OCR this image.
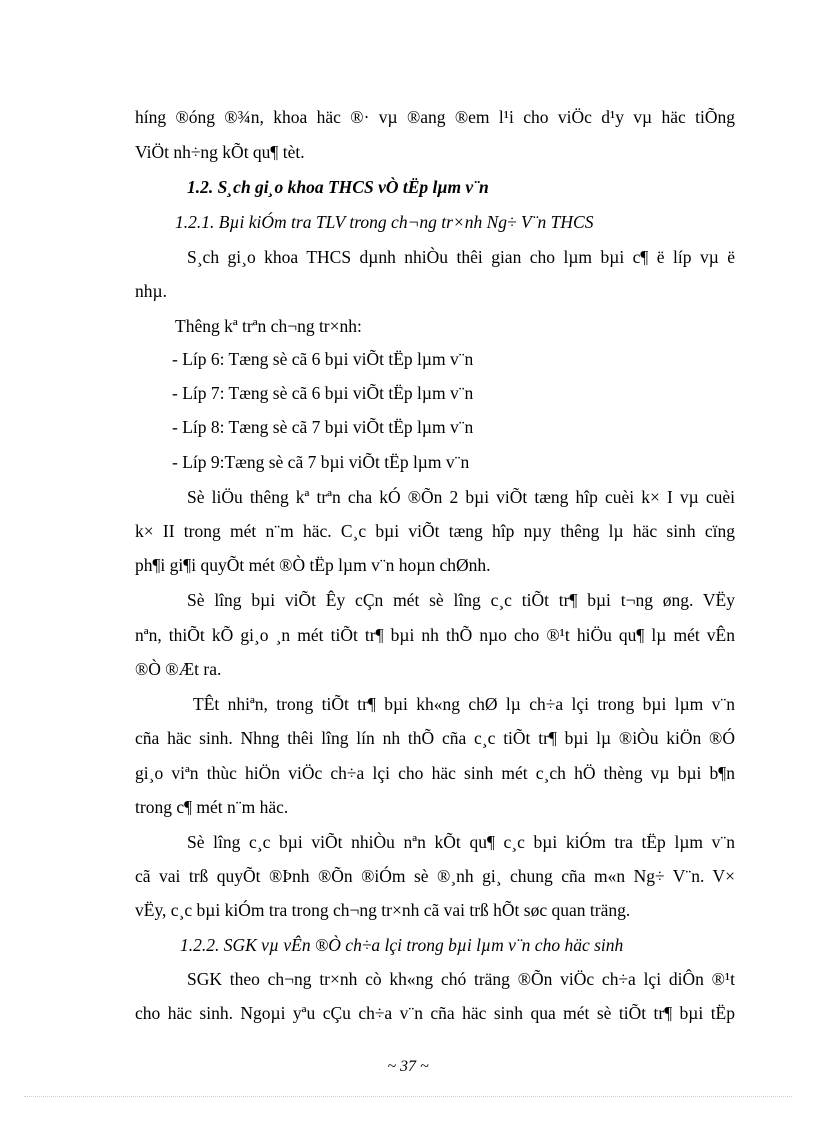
híng ®óng ®¾n, khoa häc ®· vµ ®ang ®em l¹i cho viÖc d¹y vµ häc tiÕng
ViÖt nh÷ng kÕt qu¶ tèt.
1.2. S¸ch gi¸o khoa THCS vÒ tËp lµm v¨n
1.2.1. Bµi kiÓm tra TLV trong ch¬ng tr×nh Ng÷ V¨n THCS
S¸ch gi¸o khoa THCS dµnh nhiÒu thêi gian cho lµm bµi c¶ ë líp vµ ë
nhµ.
Thêng kª trªn ch¬ng tr×nh:
- Líp 6: Tæng sè cã 6 bµi viÕt tËp lµm v¨n
- Líp 7: Tæng sè cã 6 bµi viÕt tËp lµm v¨n
- Líp 8: Tæng sè cã 7 bµi viÕt tËp lµm v¨n
- Líp 9:Tæng sè cã 7 bµi viÕt tËp lµm v¨n
Sè liÖu thêng kª trªn cha kÓ ®Õn 2 bµi viÕt tæng hîp cuèi k× I vµ cuèi
k× II trong mét n¨m häc. C¸c bµi viÕt tæng hîp nµy thêng lµ häc sinh cïng
ph¶i gi¶i quyÕt mét ®Ò tËp lµm v¨n hoµn chØnh.
Sè lîng bµi viÕt Êy cÇn mét sè lîng c¸c tiÕt tr¶ bµi t¬ng øng. VËy
nªn, thiÕt kÕ gi¸o ¸n mét tiÕt tr¶ bµi nh thÕ nµo cho ®¹t hiÖu qu¶ lµ mét vÊn
®Ò ®Æt ra.
TÊt nhiªn, trong tiÕt tr¶ bµi kh«ng chØ lµ ch÷a lçi trong bµi lµm v¨n
cña häc sinh. Nhng thêi lîng lín nh thÕ cña c¸c tiÕt tr¶ bµi lµ ®iÒu kiÖn ®Ó
gi¸o viªn thùc hiÖn viÖc ch÷a lçi cho häc sinh mét c¸ch hÖ thèng vµ bµi b¶n
trong c¶ mét n¨m häc.
Sè lîng c¸c bµi viÕt nhiÒu nªn kÕt qu¶ c¸c bµi kiÓm tra tËp lµm v¨n
cã vai trß quyÕt ®Þnh ®Õn ®iÓm sè ®¸nh gi¸ chung cña m«n Ng÷ V¨n. V×
vËy, c¸c bµi kiÓm tra trong ch¬ng tr×nh cã vai trß hÕt søc quan träng.
1.2.2. SGK vµ vÊn ®Ò ch÷a lçi trong bµi lµm v¨n cho häc sinh
SGK theo ch¬ng tr×nh cò kh«ng chó träng ®Õn viÖc ch÷a lçi diÔn ®¹t
cho häc sinh. Ngoµi yªu cÇu ch÷a v¨n cña häc sinh qua mét sè tiÕt tr¶ bµi tËp
~ 37 ~
